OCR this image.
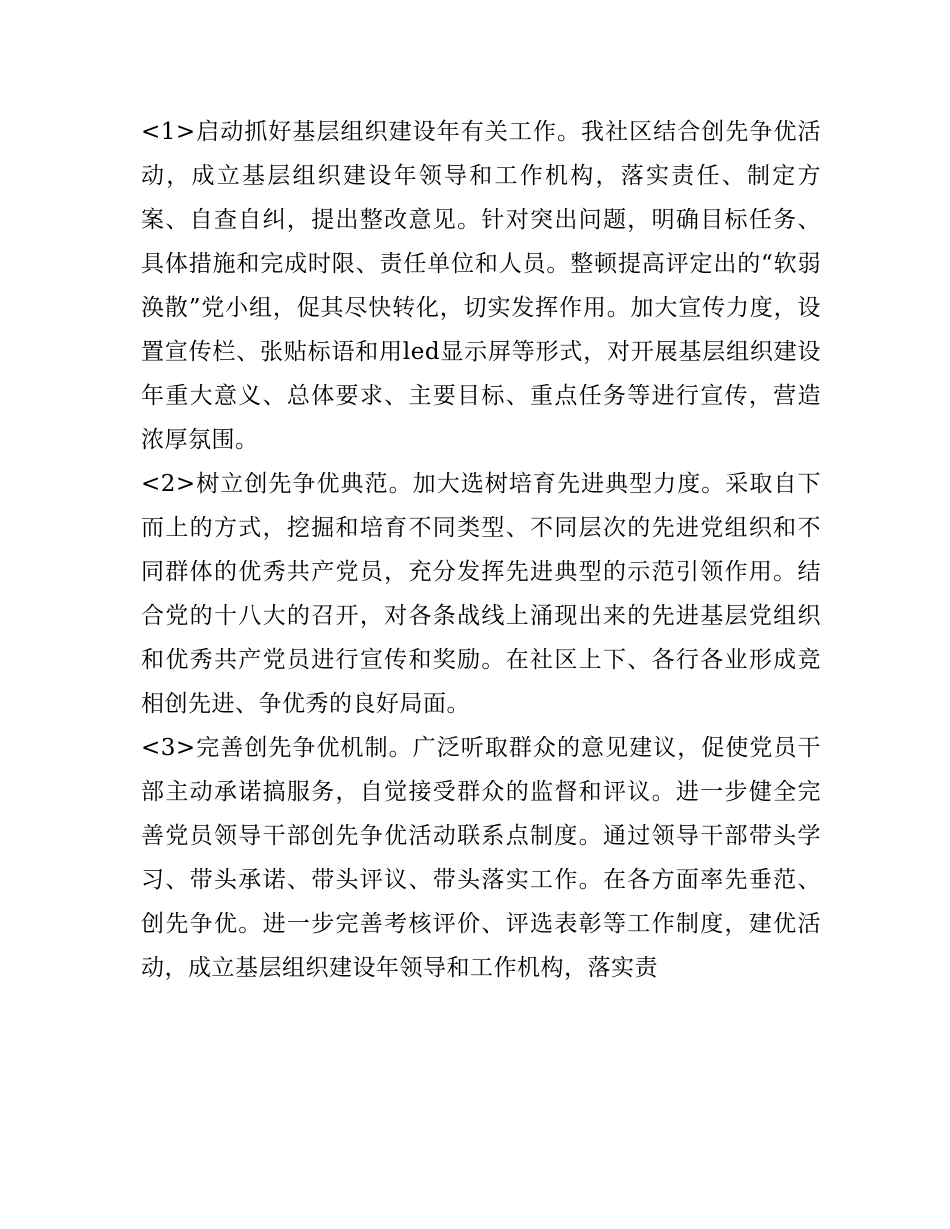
<1>启动抓好基层组织建设年有关工作。我社区结合创先争优活动，成立基层组织建设年领导和工作机构，落实责任、制定方案、自查自纠，提出整改意见。针对突出问题，明确目标任务、具体措施和完成时限、责任单位和人员。整顿提高评定出的“软弱涣散”党小组，促其尽快转化，切实发挥作用。加大宣传力度，设置宣传栏、张贴标语和用led显示屏等形式，对开展基层组织建设年重大意义、总体要求、主要目标、重点任务等进行宣传，营造浓厚氛围。

<2>树立创先争优典范。加大选树培育先进典型力度。采取自下而上的方式，挖掘和培育不同类型、不同层次的先进党组织和不同群体的优秀共产党员，充分发挥先进典型的示范引领作用。结合党的十八大的召开，对各条战线上涌现出来的先进基层党组织和优秀共产党员进行宣传和奖励。在社区上下、各行各业形成竞相创先进、争优秀的良好局面。

<3>完善创先争优机制。广泛听取群众的意见建议，促使党员干部主动承诺搞服务，自觉接受群众的监督和评议。进一步健全完善党员领导干部创先争优活动联系点制度。通过领导干部带头学习、带头承诺、带头评议、带头落实工作。在各方面率先垂范、创先争优。进一步完善考核评价、评选表彰等工作制度，建优活动，成立基层组织建设年领导和工作机构，落实责
